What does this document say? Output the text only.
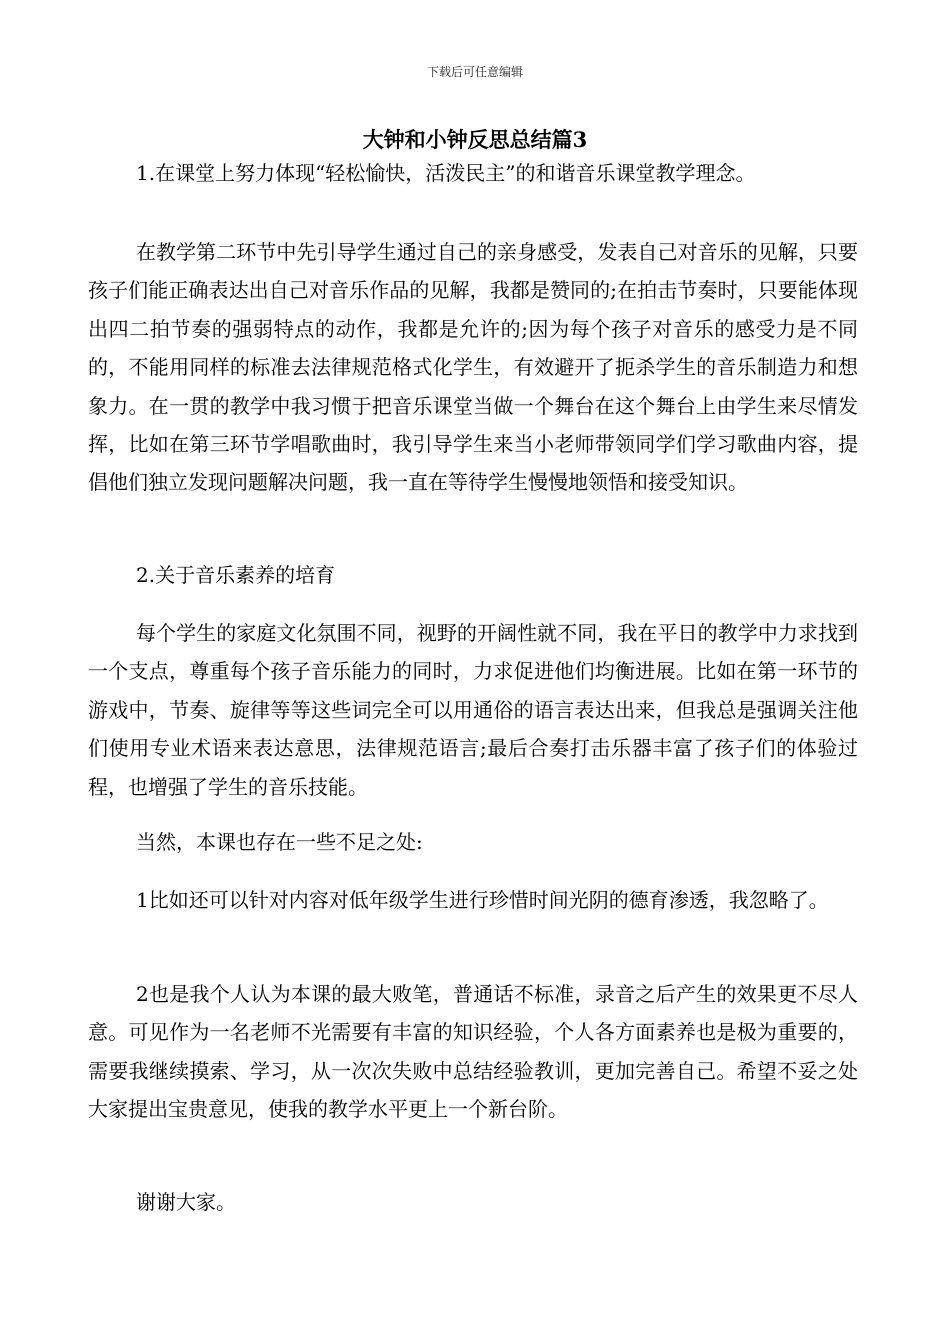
下载后可任意编辑
大钟和小钟反思总结篇3

1.在课堂上努力体现“轻松愉快，活泼民主”的和谐音乐课堂教学理念。

在教学第二环节中先引导学生通过自己的亲身感受，发表自己对音乐的见解，只要孩子们能正确表达出自己对音乐作品的见解，我都是赞同的;在拍击节奏时，只要能体现出四二拍节奏的强弱特点的动作，我都是允许的;因为每个孩子对音乐的感受力是不同的，不能用同样的标准去法律规范格式化学生，有效避开了扼杀学生的音乐制造力和想象力。在一贯的教学中我习惯于把音乐课堂当做一个舞台在这个舞台上由学生来尽情发挥，比如在第三环节学唱歌曲时，我引导学生来当小老师带领同学们学习歌曲内容，提倡他们独立发现问题解决问题，我一直在等待学生慢慢地领悟和接受知识。

2.关于音乐素养的培育

每个学生的家庭文化氛围不同，视野的开阔性就不同，我在平日的教学中力求找到一个支点，尊重每个孩子音乐能力的同时，力求促进他们均衡进展。比如在第一环节的游戏中，节奏、旋律等等这些词完全可以用通俗的语言表达出来，但我总是强调关注他们使用专业术语来表达意思，法律规范语言;最后合奏打击乐器丰富了孩子们的体验过程，也增强了学生的音乐技能。

当然，本课也存在一些不足之处:

1比如还可以针对内容对低年级学生进行珍惜时间光阴的德育渗透，我忽略了。

2也是我个人认为本课的最大败笔，普通话不标准，录音之后产生的效果更不尽人意。可见作为一名老师不光需要有丰富的知识经验，个人各方面素养也是极为重要的，需要我继续摸索、学习，从一次次失败中总结经验教训，更加完善自己。希望不妥之处大家提出宝贵意见，使我的教学水平更上一个新台阶。

谢谢大家。
